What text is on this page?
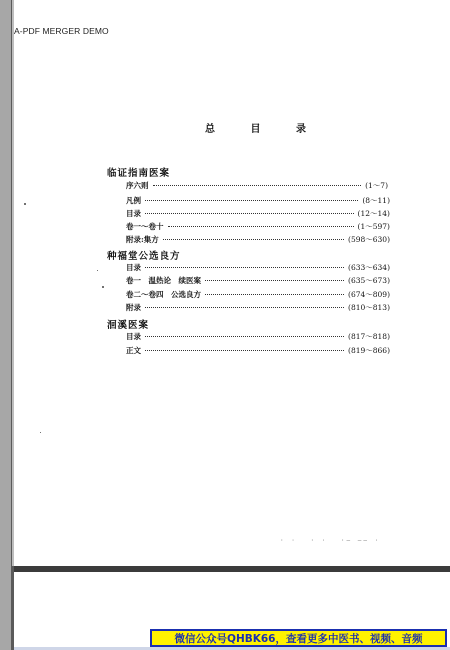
A-PDF MERGER DEMO
总 目 录
临证指南医案
序六则	(1～7)
凡例	(8～11)
目录	(12～14)
卷一～卷十	(1～597)
附录:集方	(598～630)
种福堂公选良方
目录	(633～634)
卷一　温热论　续医案	(635～673)
卷二～卷四　公选良方	(674～809)
附录	(810～813)
洄溪医案
目录	(817～818)
正文	(819～866)
· ·　 · ·　 ·— —— ·
微信公众号QHBK66，查看更多中医书、视频、音频
